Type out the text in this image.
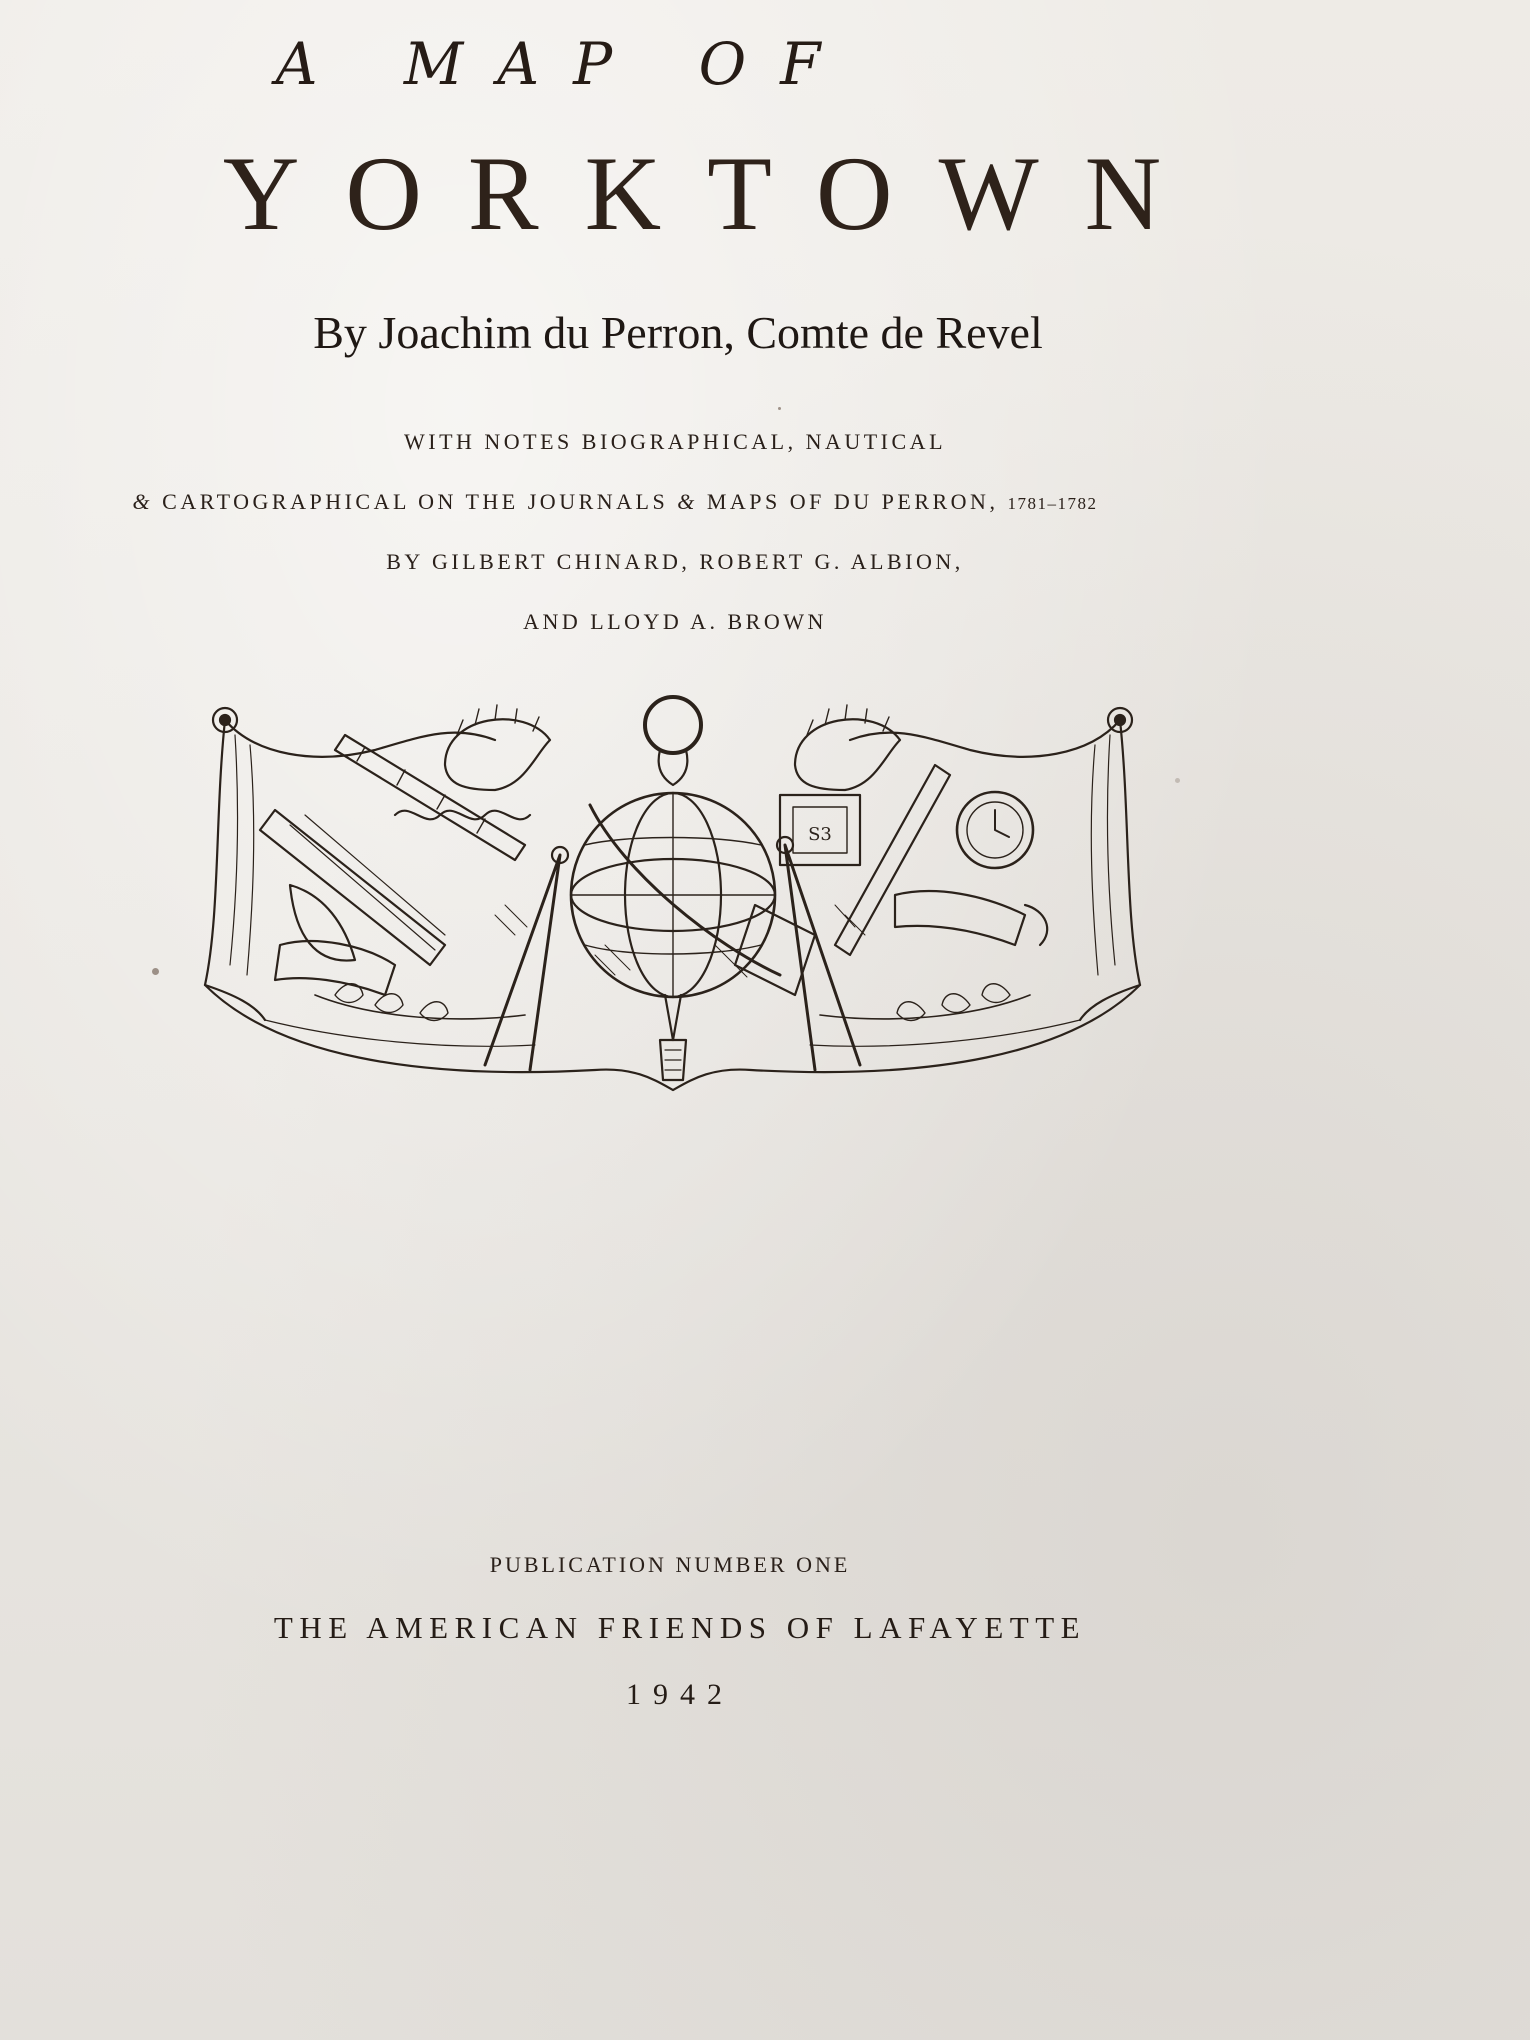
A MAP OF
YORKTOWN
By Joachim du Perron, Comte de Revel
WITH NOTES BIOGRAPHICAL, NAUTICAL
& CARTOGRAPHICAL ON THE JOURNALS & MAPS OF DU PERRON, 1781–1782
BY GILBERT CHINARD, ROBERT G. ALBION,
AND LLOYD A. BROWN
S3
PUBLICATION NUMBER ONE
THE AMERICAN FRIENDS OF LAFAYETTE
1942
